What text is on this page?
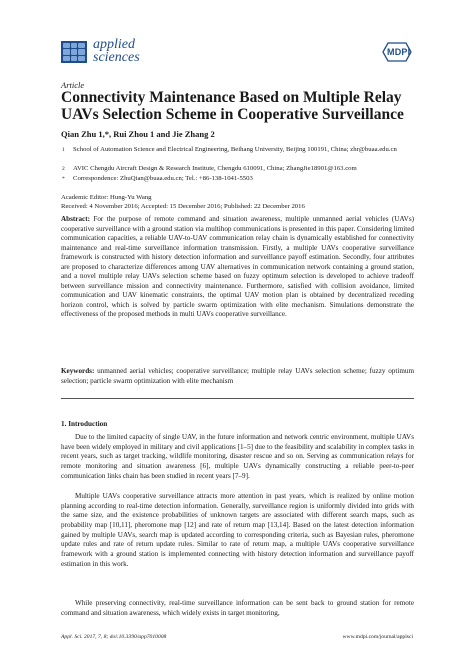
applied
sciences	MDPI
Article
Connectivity Maintenance Based on Multiple Relay UAVs Selection Scheme in Cooperative Surveillance
Qian Zhu 1,*, Rui Zhou 1 and Jie Zhang 2
1 School of Automation Science and Electrical Engineering, Beihang University, Beijing 100191, China; zhr@buaa.edu.cn
2 AVIC Chengdu Aircraft Design & Research Institute, Chengdu 610091, China; ZhangJie18901@163.com
* Correspondence: ZhuQian@buaa.edu.cn; Tel.: +86-138-1041-5503
Academic Editor: Hung-Yu Wang
Received: 4 November 2016; Accepted: 15 December 2016; Published: 22 December 2016
Abstract: For the purpose of remote command and situation awareness, multiple unmanned aerial vehicles (UAVs) cooperative surveillance with a ground station via multihop communications is presented in this paper. Considering limited communication capacities, a reliable UAV-to-UAV communication relay chain is dynamically established for connectivity maintenance and real-time surveillance information transmission. Firstly, a multiple UAVs cooperative surveillance framework is constructed with history detection information and surveillance payoff estimation. Secondly, four attributes are proposed to characterize differences among UAV alternatives in communication network containing a ground station, and a novel multiple relay UAVs selection scheme based on fuzzy optimum selection is developed to achieve tradeoff between surveillance mission and connectivity maintenance. Furthermore, satisfied with collision avoidance, limited communication and UAV kinematic constraints, the optimal UAV motion plan is obtained by decentralized receding horizon control, which is solved by particle swarm optimization with elite mechanism. Simulations demonstrate the effectiveness of the proposed methods in multi UAVs cooperative surveillance.
Keywords: unmanned aerial vehicles; cooperative surveillance; multiple relay UAVs selection scheme; fuzzy optimum selection; particle swarm optimization with elite mechanism
1. Introduction
Due to the limited capacity of single UAV, in the future information and network centric environment, multiple UAVs have been widely employed in military and civil applications [1–5] due to the feasibility and scalability in complex tasks in recent years, such as target tracking, wildlife monitoring, disaster rescue and so on. Serving as communication relays for remote monitoring and situation awareness [6], multiple UAVs dynamically constructing a reliable peer-to-peer communication links chain has been studied in recent years [7–9].
Multiple UAVs cooperative surveillance attracts more attention in past years, which is realized by online motion planning according to real-time detection information. Generally, surveillance region is uniformly divided into grids with the same size, and the existence probabilities of unknown targets are associated with different search maps, such as probability map [10,11], pheromone map [12] and rate of return map [13,14]. Based on the latest detection information gained by multiple UAVs, search map is updated according to corresponding criteria, such as Bayesian rules, pheromone update rules and rate of return update rules. Similar to rate of return map, a multiple UAVs cooperative surveillance framework with a ground station is implemented connecting with history detection information and surveillance payoff estimation in this work.
While preserving connectivity, real-time surveillance information can be sent back to ground station for remote command and situation awareness, which widely exists in target monitoring,
Appl. Sci. 2017, 7, 8; doi:10.3390/app7010008	www.mdpi.com/journal/applsci
